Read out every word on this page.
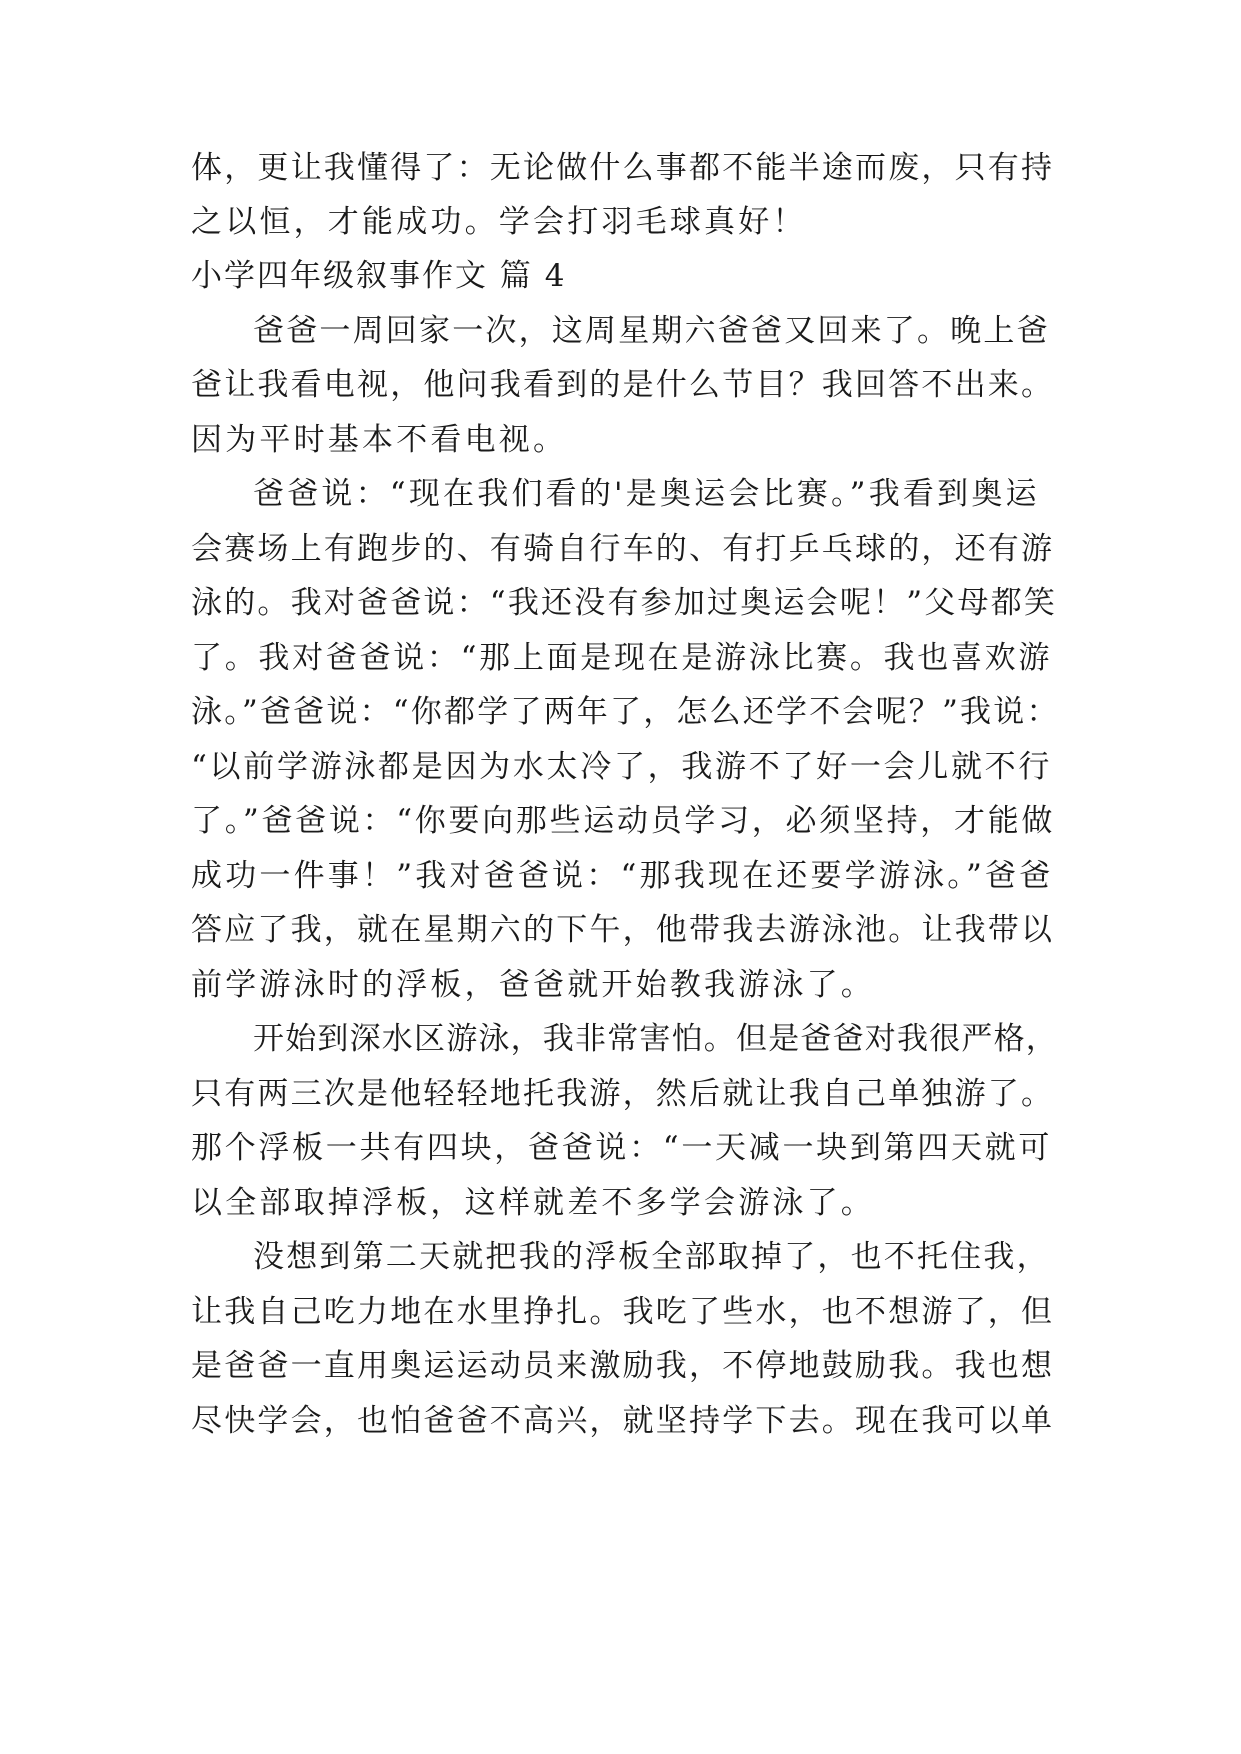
体，更让我懂得了：无论做什么事都不能半途而废，只有持
之以恒，才能成功。学会打羽毛球真好！
小学四年级叙事作文 篇 4
爸爸一周回家一次，这周星期六爸爸又回来了。晚上爸
爸让我看电视，他问我看到的是什么节目？我回答不出来。
因为平时基本不看电视。
爸爸说：“现在我们看的'是奥运会比赛。”我看到奥运
会赛场上有跑步的、有骑自行车的、有打乒乓球的，还有游
泳的。我对爸爸说：“我还没有参加过奥运会呢！”父母都笑
了。我对爸爸说：“那上面是现在是游泳比赛。我也喜欢游
泳。”爸爸说：“你都学了两年了，怎么还学不会呢？”我说：
“以前学游泳都是因为水太冷了，我游不了好一会儿就不行
了。”爸爸说：“你要向那些运动员学习，必须坚持，才能做
成功一件事！”我对爸爸说：“那我现在还要学游泳。”爸爸
答应了我，就在星期六的下午，他带我去游泳池。让我带以
前学游泳时的浮板，爸爸就开始教我游泳了。
开始到深水区游泳，我非常害怕。但是爸爸对我很严格，
只有两三次是他轻轻地托我游，然后就让我自己单独游了。
那个浮板一共有四块，爸爸说：“一天减一块到第四天就可
以全部取掉浮板，这样就差不多学会游泳了。
没想到第二天就把我的浮板全部取掉了，也不托住我，
让我自己吃力地在水里挣扎。我吃了些水，也不想游了，但
是爸爸一直用奥运运动员来激励我，不停地鼓励我。我也想
尽快学会，也怕爸爸不高兴，就坚持学下去。现在我可以单
